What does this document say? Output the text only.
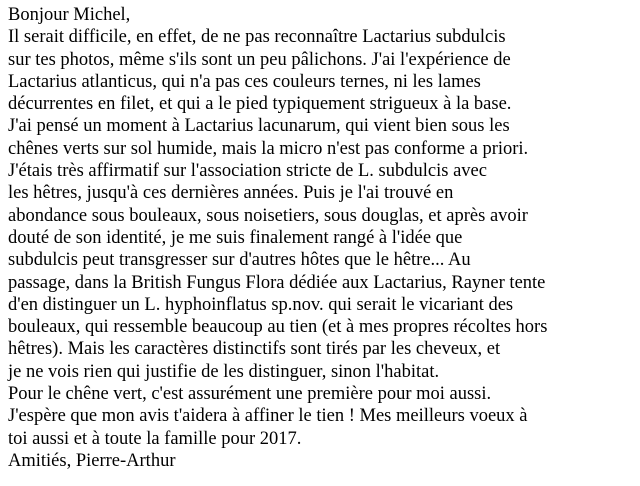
Bonjour Michel,
Il serait difficile, en effet, de ne pas reconnaître Lactarius subdulcis
sur tes photos, même s'ils sont un peu pâlichons. J'ai l'expérience de
Lactarius atlanticus, qui n'a pas ces couleurs ternes, ni les lames
décurrentes en filet, et qui a le pied typiquement strigueux à la base.
J'ai pensé un moment à Lactarius lacunarum, qui vient bien sous les
chênes verts sur sol humide, mais la micro n'est pas conforme a priori.
J'étais très affirmatif sur l'association stricte de L. subdulcis avec
les hêtres, jusqu'à ces dernières années. Puis je l'ai trouvé en
abondance sous bouleaux, sous noisetiers, sous douglas, et après avoir
douté de son identité, je me suis finalement rangé à l'idée que
subdulcis peut transgresser sur d'autres hôtes que le hêtre... Au
passage, dans la British Fungus Flora dédiée aux Lactarius, Rayner tente
d'en distinguer un L. hyphoinflatus sp.nov. qui serait le vicariant des
bouleaux, qui ressemble beaucoup au tien (et à mes propres récoltes hors
hêtres). Mais les caractères distinctifs sont tirés par les cheveux, et
je ne vois rien qui justifie de les distinguer, sinon l'habitat.
Pour le chêne vert, c'est assurément une première pour moi aussi.
J'espère que mon avis t'aidera à affiner le tien ! Mes meilleurs voeux à
toi aussi et à toute la famille pour 2017.
Amitiés, Pierre-Arthur
